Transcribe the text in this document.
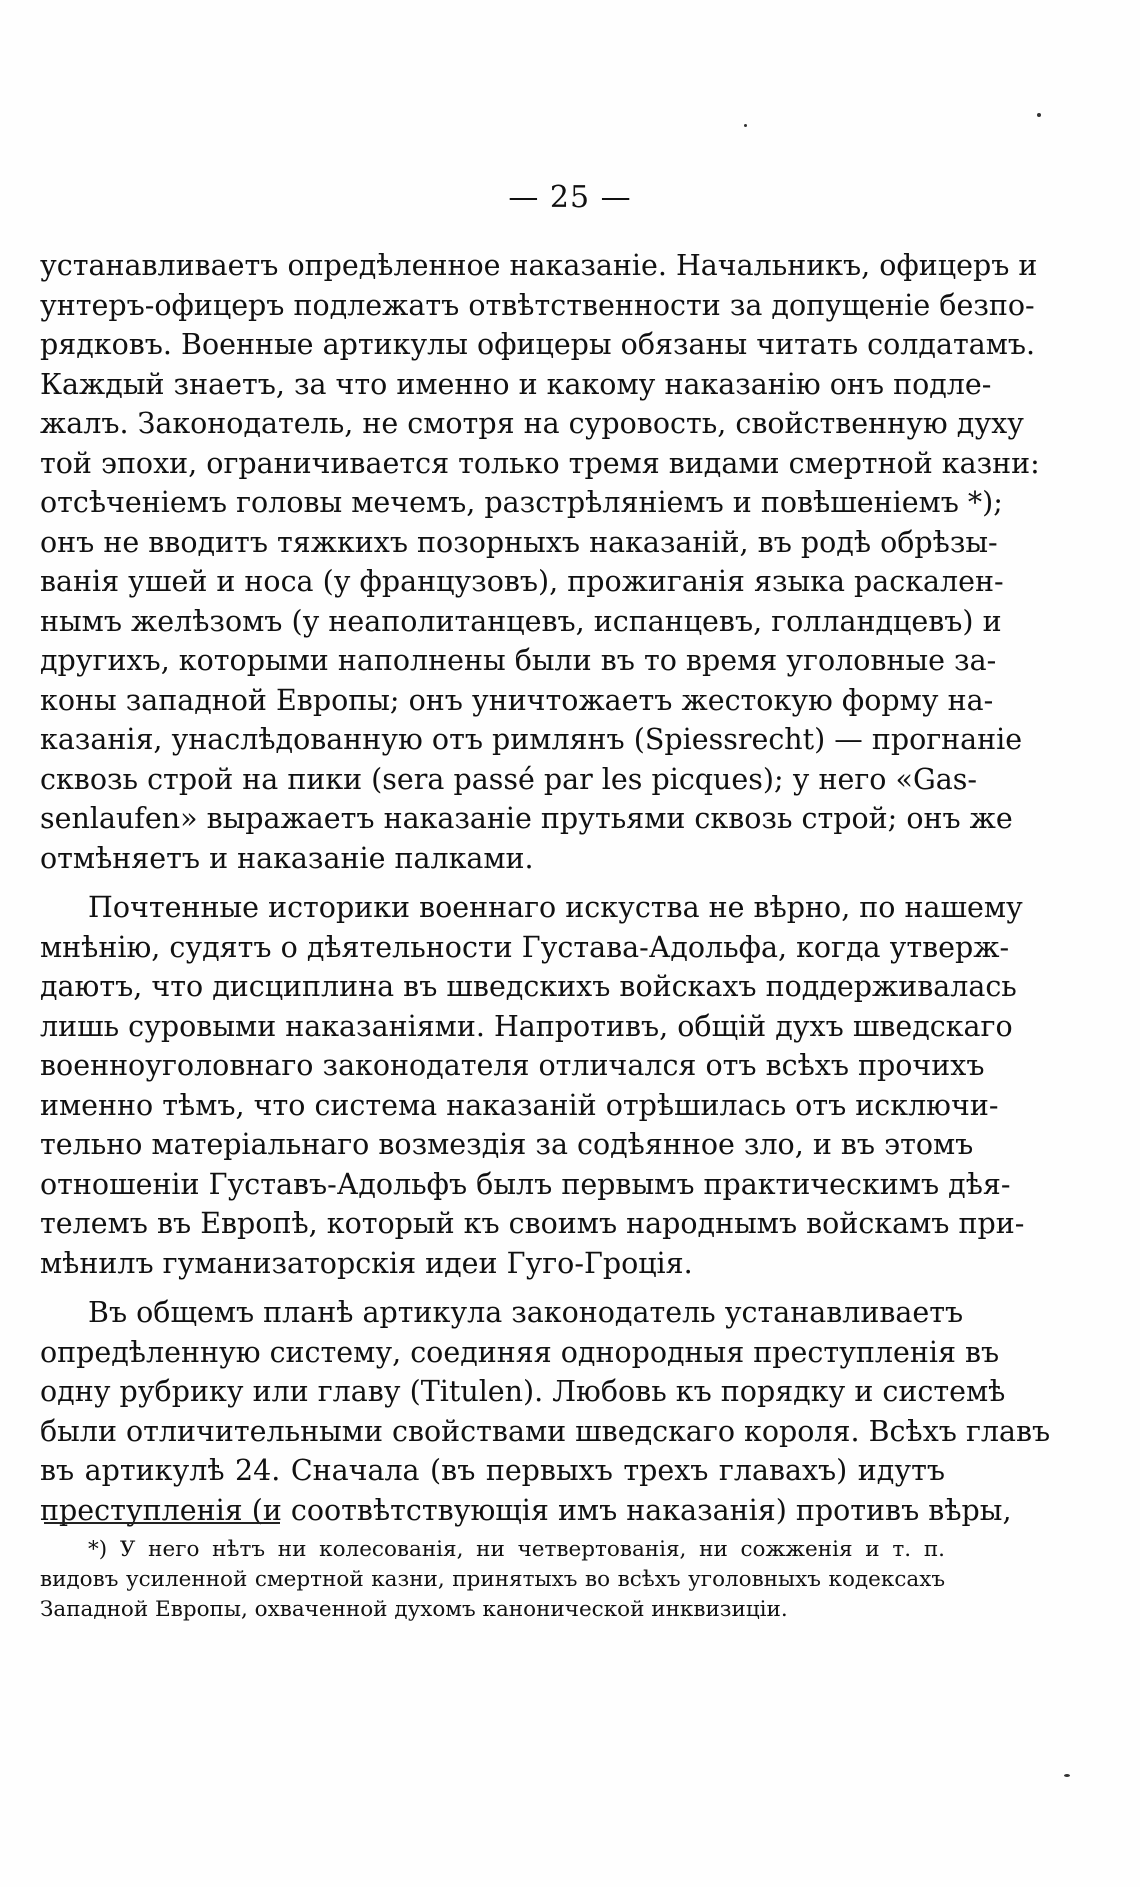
— 25 —
устанавливаетъ опредѣленное наказаніе. Начальникъ, офицеръ и
унтеръ-офицеръ подлежатъ отвѣтственности за допущеніе безпо-
рядковъ. Военные артикулы офицеры обязаны читать солдатамъ.
Каждый знаетъ, за что именно и какому наказанію онъ подле-
жалъ. Законодатель, не смотря на суровость, свойственную духу
той эпохи, ограничивается только тремя видами смертной казни:
отсѣченіемъ головы мечемъ, разстрѣляніемъ и повѣшеніемъ *);
онъ не вводитъ тяжкихъ позорныхъ наказаній, въ родѣ обрѣзы-
ванія ушей и носа (у французовъ), прожиганія языка раскален-
нымъ желѣзомъ (у неаполитанцевъ, испанцевъ, голландцевъ) и
другихъ, которыми наполнены были въ то время уголовные за-
коны западной Европы; онъ уничтожаетъ жестокую форму на-
казанія, унаслѣдованную отъ римлянъ (Spiessrecht) — прогнаніе
сквозь строй на пики (sera passé par les picques); у него «Gas-
senlaufen» выражаетъ наказаніе прутьями сквозь строй; онъ же
отмѣняетъ и наказаніе палками.
Почтенные историки военнаго искуства не вѣрно, по нашему
мнѣнію, судятъ о дѣятельности Густава-Адольфа, когда утверж-
даютъ, что дисциплина въ шведскихъ войскахъ поддерживалась
лишь суровыми наказаніями. Напротивъ, общій духъ шведскаго
военноуголовнаго законодателя отличался отъ всѣхъ прочихъ
именно тѣмъ, что система наказаній отрѣшилась отъ исключи-
тельно матеріальнаго возмездія за содѣянное зло, и въ этомъ
отношеніи Густавъ-Адольфъ былъ первымъ практическимъ дѣя-
телемъ въ Европѣ, который къ своимъ народнымъ войскамъ при-
мѣнилъ гуманизаторскія идеи Гуго-Гроція.
Въ общемъ планѣ артикула законодатель устанавливаетъ
опредѣленную систему, соединяя однородныя преступленія въ
одну рубрику или главу (Titulen). Любовь къ порядку и системѣ
были отличительными свойствами шведскаго короля. Всѣхъ главъ
въ артикулѣ 24. Сначала (въ первыхъ трехъ главахъ) идутъ
преступленія (и соотвѣтствующія имъ наказанія) противъ вѣры,
*) У него нѣтъ ни колесованія, ни четвертованія, ни сожженія и т. п.
видовъ усиленной смертной казни, принятыхъ во всѣхъ уголовныхъ кодексахъ
Западной Европы, охваченной духомъ канонической инквизиціи.
